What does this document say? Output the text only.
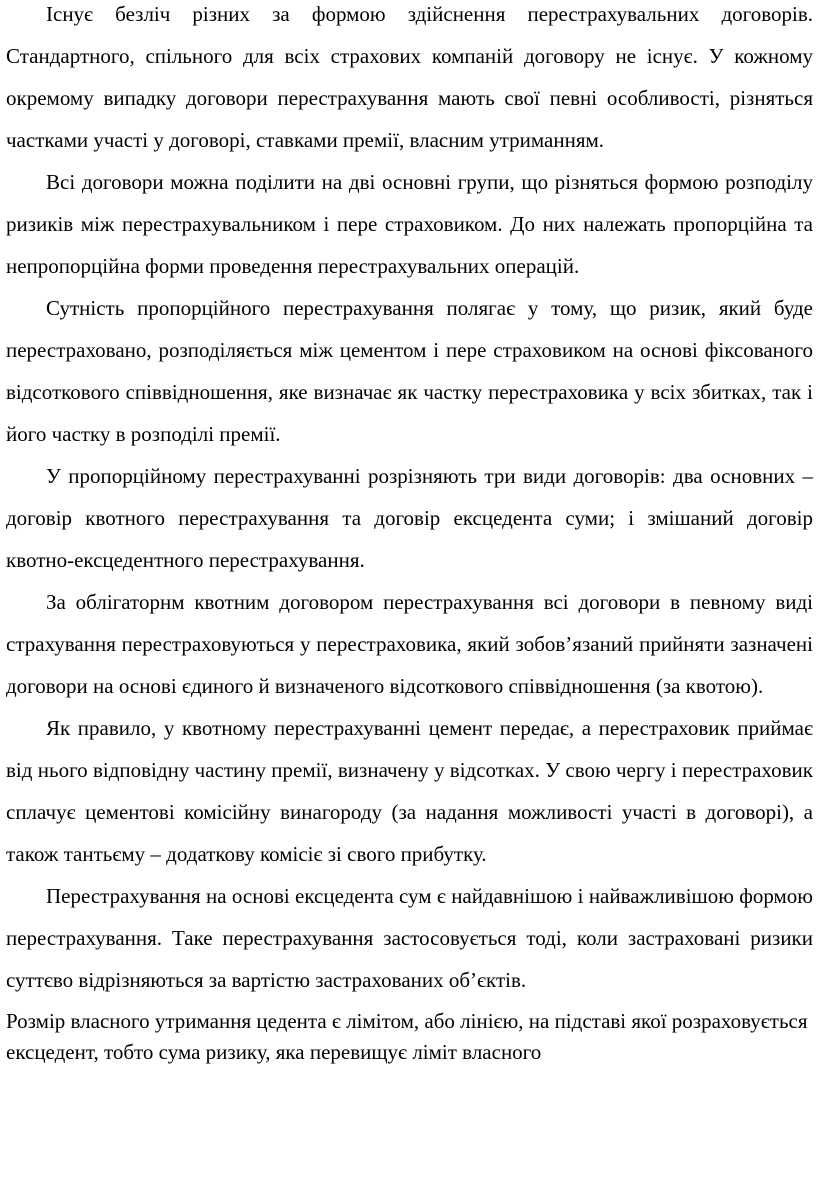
Існує безліч різних за формою здійснення перестрахувальних договорів. Стандартного, спільного для всіх страхових компаній договору не існує. У кожному окремому випадку договори перестрахування мають свої певні особливості, різняться частками участі у договорі, ставками премії, власним утриманням.

Всі договори можна поділити на дві основні групи, що різняться формою розподілу ризиків між перестрахувальником і пере страховиком. До них належать пропорційна та непропорційна форми проведення перестрахувальних операцій.

Сутність пропорційного перестрахування полягає у тому, що ризик, який буде перестраховано, розподіляється між цементом і пере страховиком на основі фіксованого відсоткового співвідношення, яке визначає як частку перестраховика у всіх збитках, так і його частку в розподілі премії.

У пропорційному перестрахуванні розрізняють три види договорів: два основних – договір квотного перестрахування та договір ексцедента суми; і змішаний договір квотно-ексцедентного перестрахування.

За облігаторнм квотним договором перестрахування всі договори в певному виді страхування перестраховуються у перестраховика, який зобов’язаний прийняти зазначені договори на основі єдиного й визначеного відсоткового співвідношення (за квотою).

Як правило, у квотному перестрахуванні цемент передає, а перестраховик приймає від нього відповідну частину премії, визначену у відсотках. У свою чергу і перестраховик сплачує цементові комісійну винагороду (за надання можливості участі в договорі), а також тантьєму – додаткову комісіє зі свого прибутку.

Перестрахування на основі ексцедента сум є найдавнішою і найважливішою формою перестрахування. Таке перестрахування застосовується тоді, коли застраховані ризики суттєво відрізняються за вартістю застрахованих об’єктів.

Розмір власного утримання цедента є лімітом, або лінією, на підставі якої розраховується ексцедент, тобто сума ризику, яка перевищує ліміт власного
